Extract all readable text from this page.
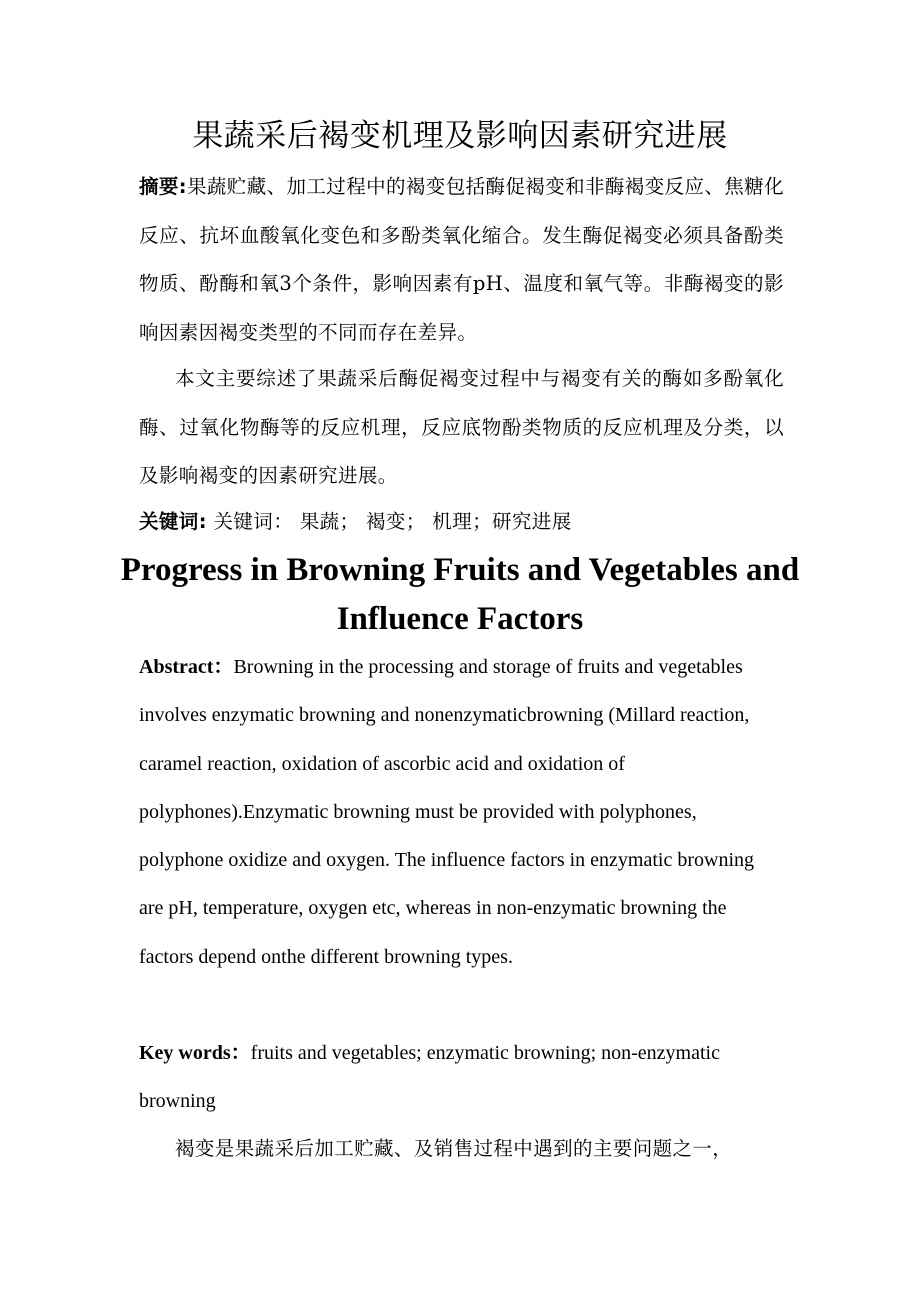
果蔬采后褐变机理及影响因素研究进展

摘要:果蔬贮藏、加工过程中的褐变包括酶促褐变和非酶褐变反应、焦糖化反应、抗坏血酸氧化变色和多酚类氧化缩合。发生酶促褐变必须具备酚类物质、酚酶和氧3个条件，影响因素有pH、温度和氧气等。非酶褐变的影响因素因褐变类型的不同而存在差异。

本文主要综述了果蔬采后酶促褐变过程中与褐变有关的酶如多酚氧化酶、过氧化物酶等的反应机理，反应底物酚类物质的反应机理及分类，以及影响褐变的因素研究进展。

关键词: 关键词： 果蔬； 褐变； 机理；研究进展

Progress in Browning Fruits and Vegetables and Influence Factors

Abstract：Browning in the processing and storage of fruits and vegetables involves enzymatic browning and nonenzymaticbrowning (Millard reaction, caramel reaction, oxidation of ascorbic acid and oxidation of polyphones).Enzymatic browning must be provided with polyphones, polyphone oxidize and oxygen. The influence factors in enzymatic browning are pH, temperature, oxygen etc, whereas in non-enzymatic browning the factors depend onthe different browning types.

Key words：fruits and vegetables; enzymatic browning; non-enzymatic browning

褐变是果蔬采后加工贮藏、及销售过程中遇到的主要问题之一，
